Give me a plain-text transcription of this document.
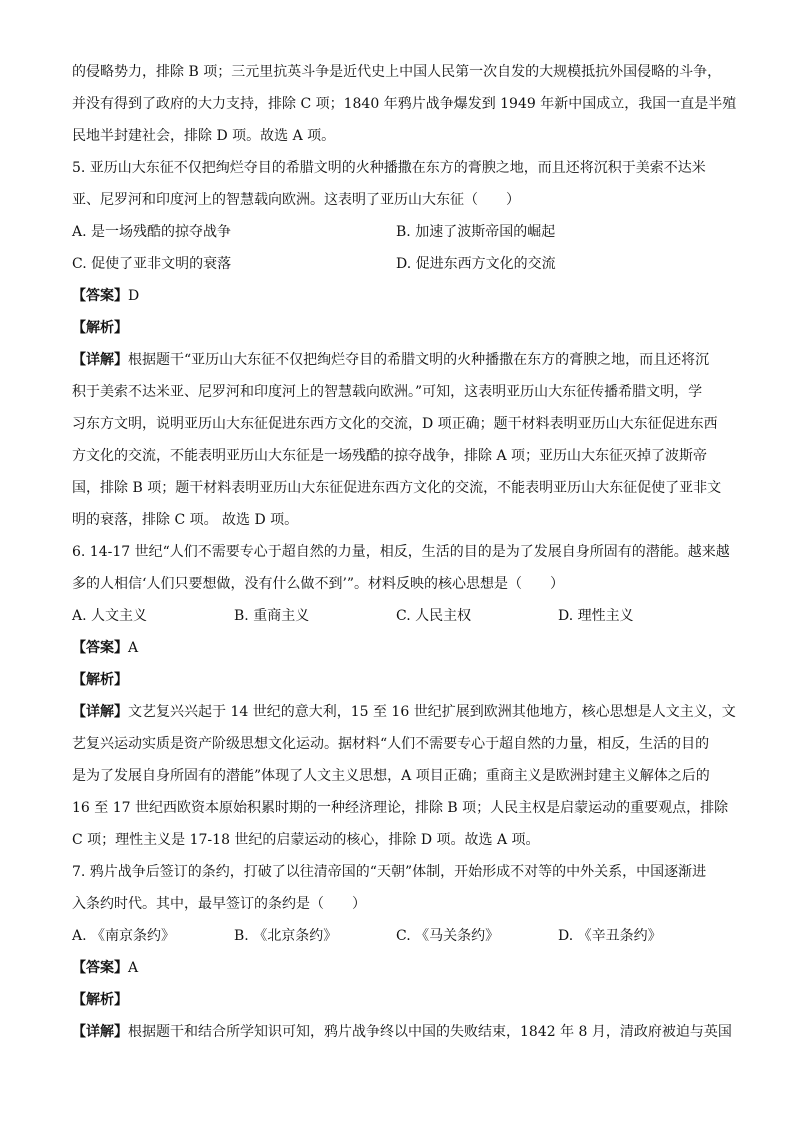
的侵略势力，排除 B 项；三元里抗英斗争是近代史上中国人民第一次自发的大规模抵抗外国侵略的斗争，
并没有得到了政府的大力支持，排除 C 项；1840 年鸦片战争爆发到 1949 年新中国成立，我国一直是半殖
民地半封建社会，排除 D 项。故选 A 项。
5. 亚历山大东征不仅把绚烂夺目的希腊文明的火种播撒在东方的膏腴之地，而且还将沉积于美索不达米
亚、尼罗河和印度河上的智慧载向欧洲。这表明了亚历山大东征（　　）
A. 是一场残酷的掠夺战争	B. 加速了波斯帝国的崛起
C. 促使了亚非文明的衰落	D. 促进东西方文化的交流
【答案】D
【解析】
【详解】根据题干“亚历山大东征不仅把绚烂夺目的希腊文明的火种播撒在东方的膏腴之地，而且还将沉
积于美索不达米亚、尼罗河和印度河上的智慧载向欧洲。”可知，这表明亚历山大东征传播希腊文明，学
习东方文明，说明亚历山大东征促进东西方文化的交流，D 项正确；题干材料表明亚历山大东征促进东西
方文化的交流，不能表明亚历山大东征是一场残酷的掠夺战争，排除 A 项；亚历山大东征灭掉了波斯帝
国，排除 B 项；题干材料表明亚历山大东征促进东西方文化的交流，不能表明亚历山大东征促使了亚非文
明的衰落，排除 C 项。 故选 D 项。
6. 14-17 世纪“人们不需要专心于超自然的力量，相反，生活的目的是为了发展自身所固有的潜能。越来越
多的人相信‘人们只要想做，没有什么做不到’”。材料反映的核心思想是（　　）
A. 人文主义	B. 重商主义	C. 人民主权	D. 理性主义
【答案】A
【解析】
【详解】文艺复兴兴起于 14 世纪的意大利，15 至 16 世纪扩展到欧洲其他地方，核心思想是人文主义，文
艺复兴运动实质是资产阶级思想文化运动。据材料“人们不需要专心于超自然的力量，相反，生活的目的
是为了发展自身所固有的潜能”体现了人文主义思想，A 项目正确；重商主义是欧洲封建主义解体之后的
16 至 17 世纪西欧资本原始积累时期的一种经济理论，排除 B 项；人民主权是启蒙运动的重要观点，排除
C 项；理性主义是 17-18 世纪的启蒙运动的核心，排除 D 项。故选 A 项。
7. 鸦片战争后签订的条约，打破了以往清帝国的“天朝”体制，开始形成不对等的中外关系，中国逐渐进
入条约时代。其中，最早签订的条约是（　　）
A. 《南京条约》	B. 《北京条约》	C. 《马关条约》	D. 《辛丑条约》
【答案】A
【解析】
【详解】根据题干和结合所学知识可知，鸦片战争终以中国的失败结束，1842 年 8 月，清政府被迫与英国
